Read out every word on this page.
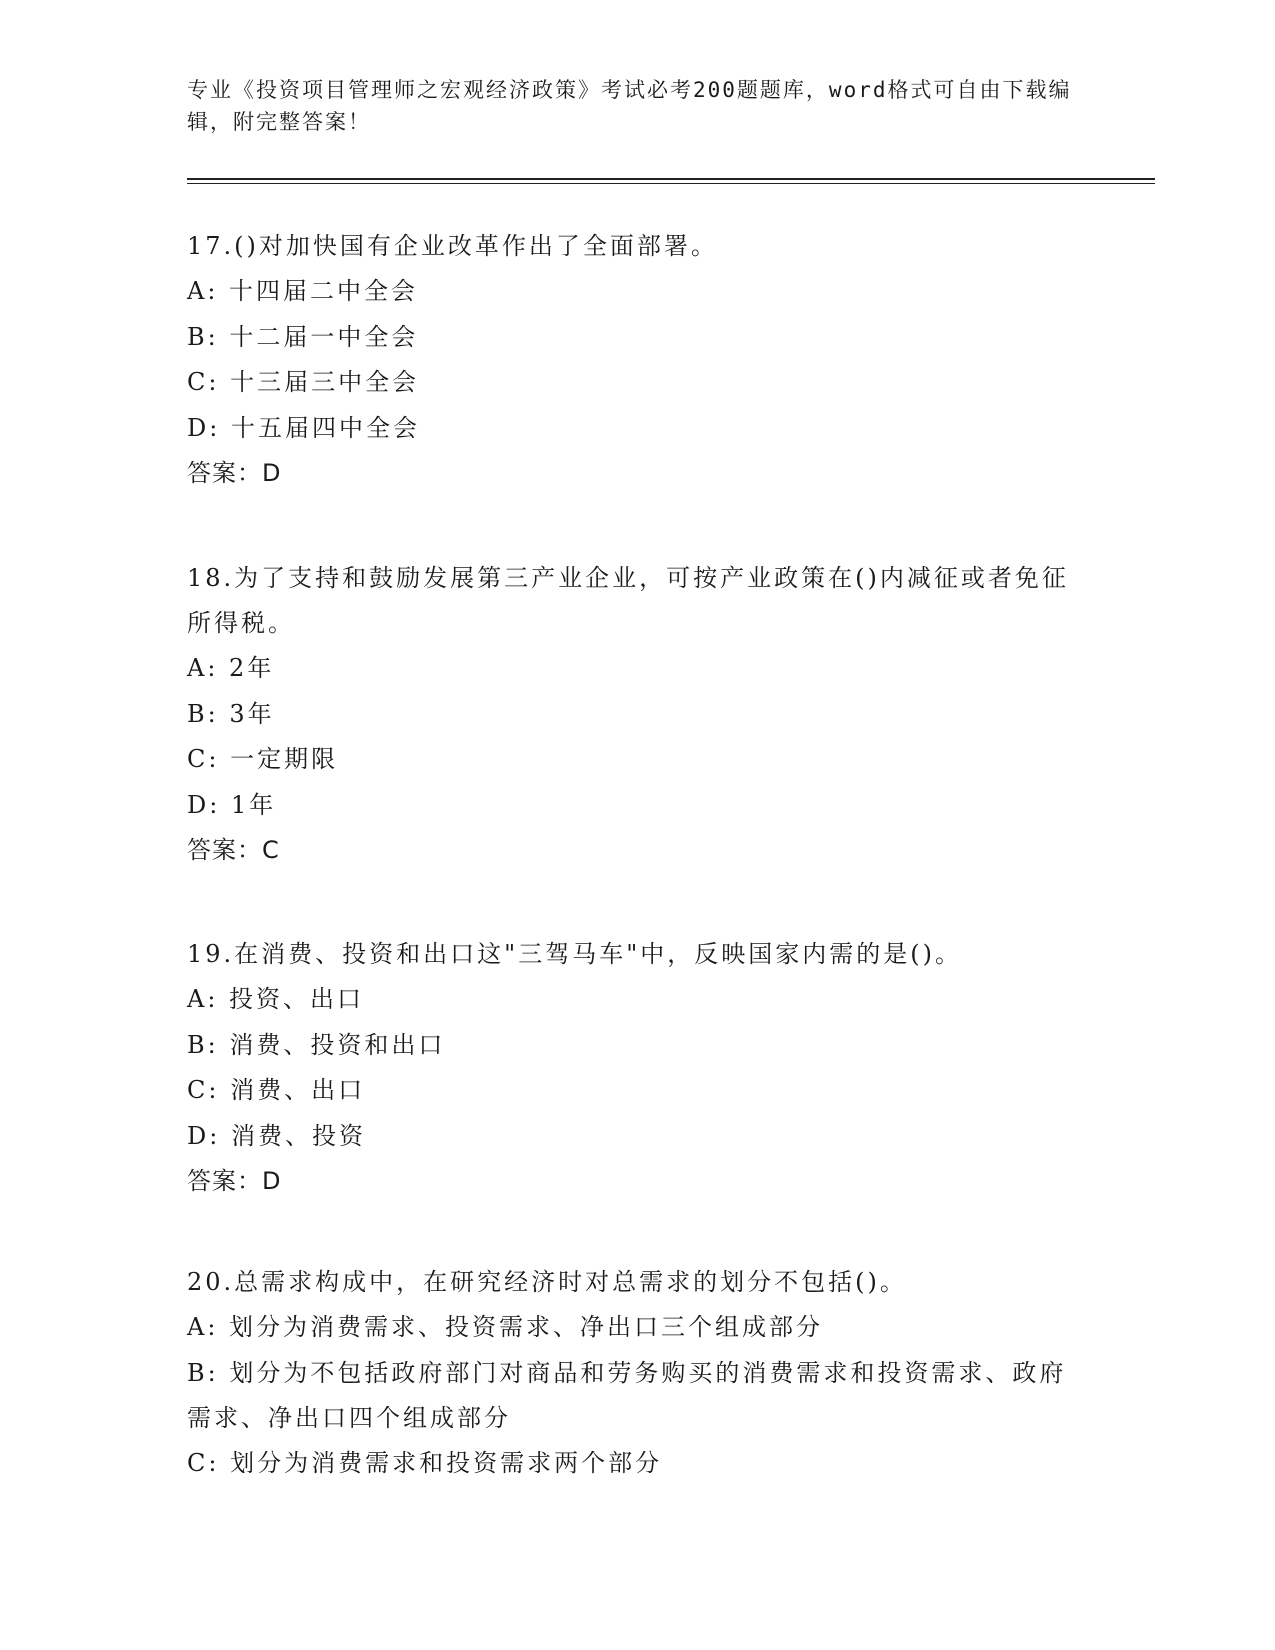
专业《投资项目管理师之宏观经济政策》考试必考200题题库，word格式可自由下载编辑，附完整答案！
17.()对加快国有企业改革作出了全面部署。
A: 十四届二中全会
B: 十二届一中全会
C: 十三届三中全会
D: 十五届四中全会
答案：D
18.为了支持和鼓励发展第三产业企业，可按产业政策在()内减征或者免征所得税。
A: 2年
B: 3年
C: 一定期限
D: 1年
答案：C
19.在消费、投资和出口这"三驾马车"中，反映国家内需的是()。
A: 投资、出口
B: 消费、投资和出口
C: 消费、出口
D: 消费、投资
答案：D
20.总需求构成中，在研究经济时对总需求的划分不包括()。
A: 划分为消费需求、投资需求、净出口三个组成部分
B: 划分为不包括政府部门对商品和劳务购买的消费需求和投资需求、政府需求、净出口四个组成部分
C: 划分为消费需求和投资需求两个部分
